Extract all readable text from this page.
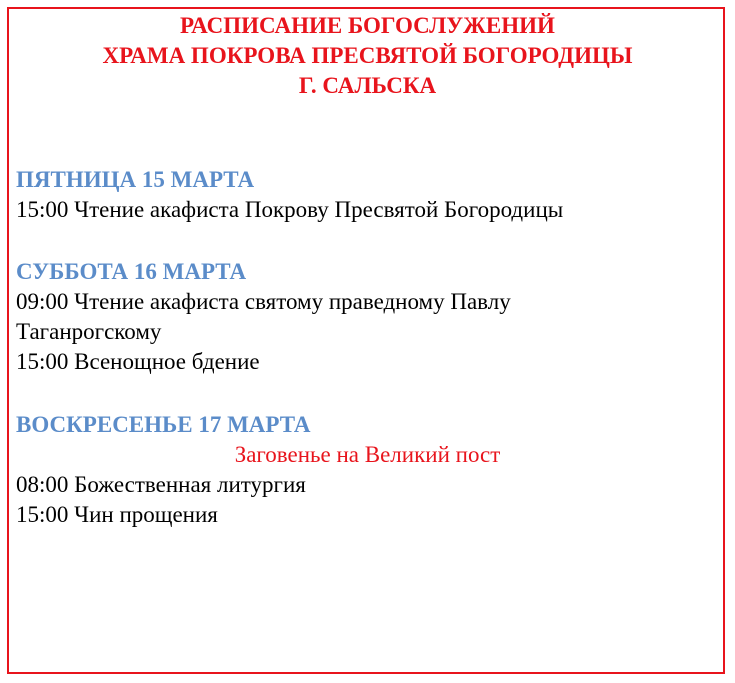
РАСПИСАНИЕ БОГОСЛУЖЕНИЙ
ХРАМА ПОКРОВА ПРЕСВЯТОЙ БОГОРОДИЦЫ
Г. САЛЬСКА
ПЯТНИЦА 15 МАРТА
15:00 Чтение акафиста Покрову Пресвятой Богородицы
СУББОТА 16 МАРТА
09:00 Чтение акафиста святому праведному Павлу
Таганрогскому
15:00 Всенощное бдение
ВОСКРЕСЕНЬЕ 17 МАРТА
Заговенье на Великий пост
08:00 Божественная литургия
15:00 Чин прощения
